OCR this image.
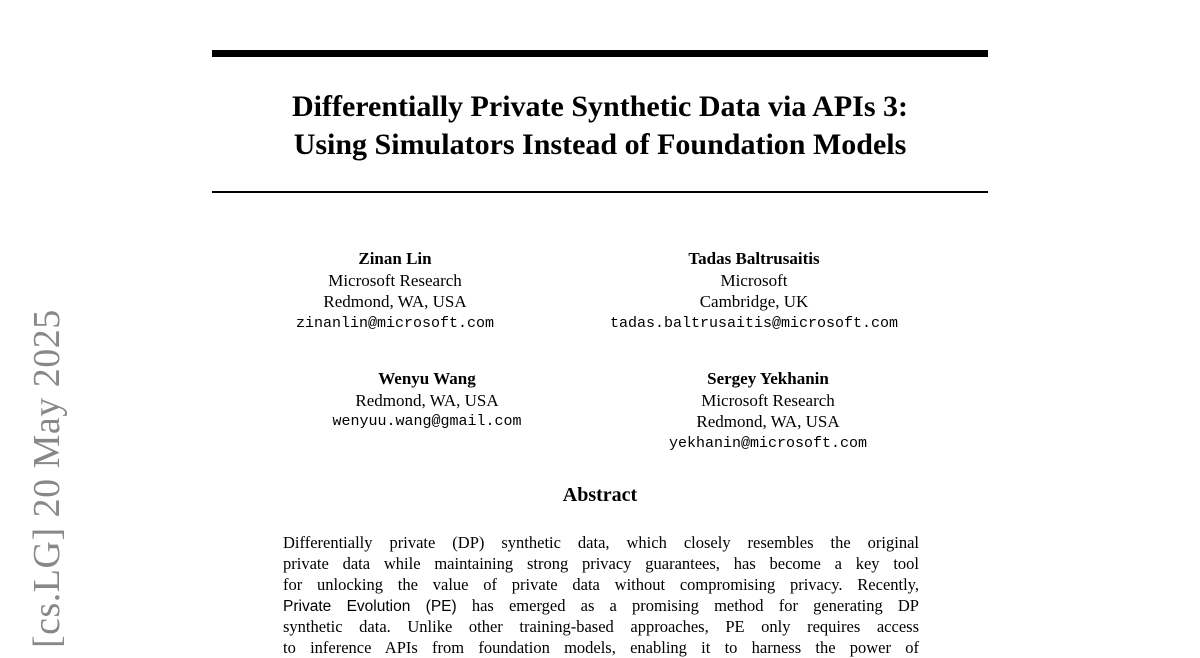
Differentially Private Synthetic Data via APIs 3:
Using Simulators Instead of Foundation Models
Zinan Lin
Microsoft Research
Redmond, WA, USA
zinanlin@microsoft.com
Tadas Baltrusaitis
Microsoft
Cambridge, UK
tadas.baltrusaitis@microsoft.com
Wenyu Wang
Redmond, WA, USA
wenyuu.wang@gmail.com
Sergey Yekhanin
Microsoft Research
Redmond, WA, USA
yekhanin@microsoft.com
Abstract
Differentially private (DP) synthetic data, which closely resembles the original
private data while maintaining strong privacy guarantees, has become a key tool
for unlocking the value of private data without compromising privacy. Recently,
Private Evolution (PE) has emerged as a promising method for generating DP
synthetic data. Unlike other training-based approaches, PE only requires access
to inference APIs from foundation models, enabling it to harness the power of
[cs.LG] 20 May 2025
